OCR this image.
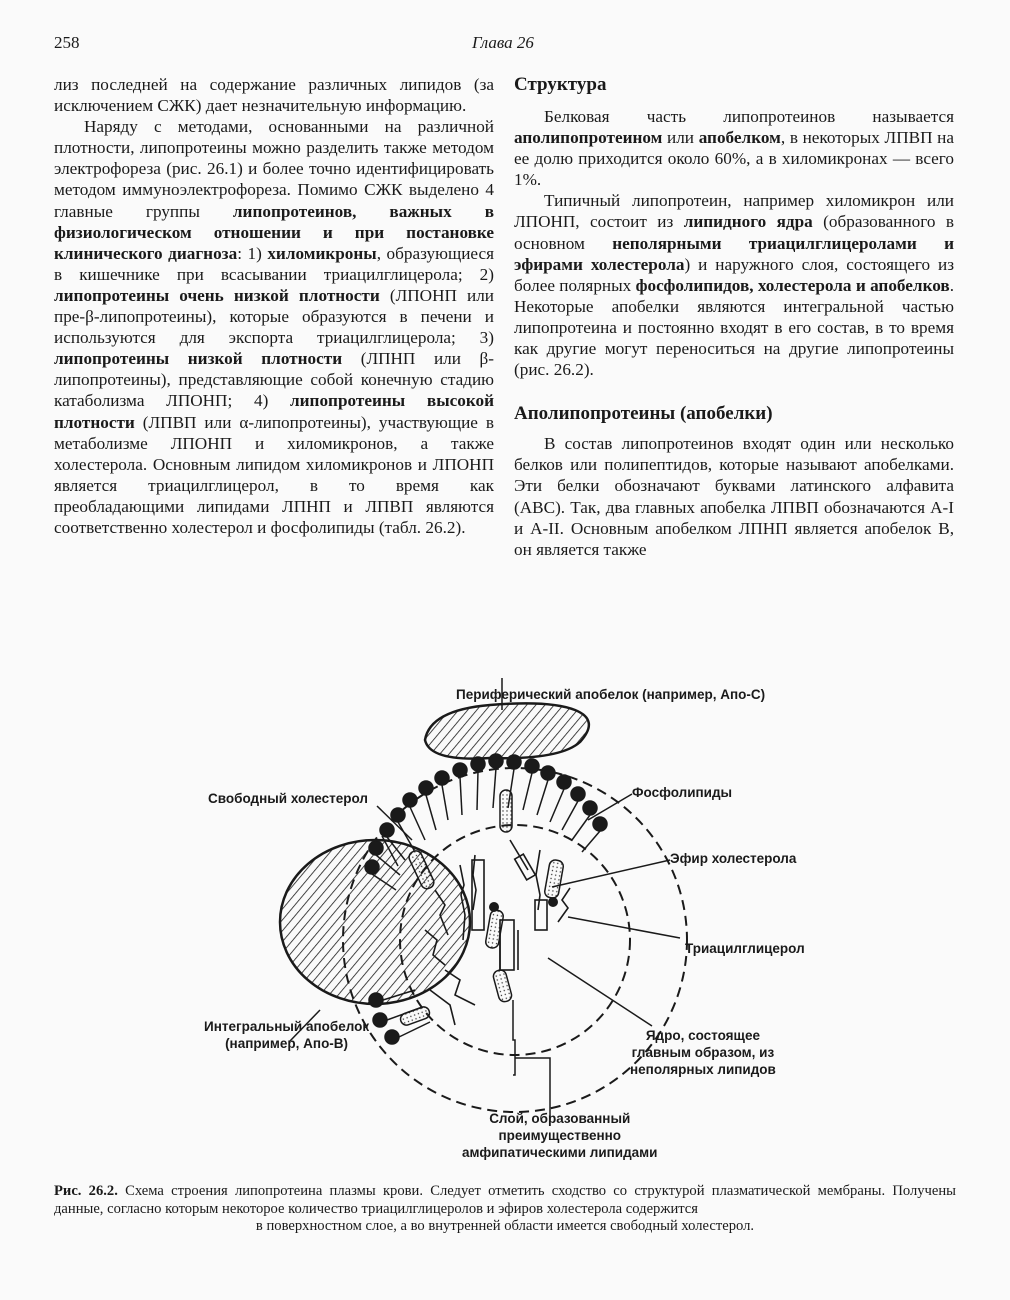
258	Глава 26

лиз последней на содержание различных липидов (за исключением СЖК) дает незначительную информацию.

Наряду с методами, основанными на различной плотности, липопротеины можно разделить также методом электрофореза (рис. 26.1) и более точно идентифицировать методом иммуноэлектрофореза. Помимо СЖК выделено 4 главные группы липопротеинов, важных в физиологическом отношении и при постановке клинического диагноза: 1) хиломикроны, образующиеся в кишечнике при всасывании триацилглицерола; 2) липопротеины очень низкой плотности (ЛПОНП или пре-β-липопротеины), которые образуются в печени и используются для экспорта триацилглицерола; 3) липопротеины низкой плотности (ЛПНП или β-липопротеины), представляющие собой конечную стадию катаболизма ЛПОНП; 4) липопротеины высокой плотности (ЛПВП или α-липопротеины), участвующие в метаболизме ЛПОНП и хиломикронов, а также холестерола. Основным липидом хиломикронов и ЛПОНП является триацилглицерол, в то время как преобладающими липидами ЛПНП и ЛПВП являются соответственно холестерол и фосфолипиды (табл. 26.2).

Структура

Белковая часть липопротеинов называется аполипопротеином или апобелком, в некоторых ЛПВП на ее долю приходится около 60%, а в хиломикронах — всего 1%.

Типичный липопротеин, например хиломикрон или ЛПОНП, состоит из липидного ядра (образованного в основном неполярными триацилглицеролами и эфирами холестерола) и наружного слоя, состоящего из более полярных фосфолипидов, холестерола и апобелков. Некоторые апобелки являются интегральной частью липопротеина и постоянно входят в его состав, в то время как другие могут переноситься на другие липопротеины (рис. 26.2).

Аполипопротеины (апобелки)

В состав липопротеинов входят один или несколько белков или полипептидов, которые называют апобелками. Эти белки обозначают буквами латинского алфавита (ABC). Так, два главных апобелка ЛПВП обозначаются A-I и A-II. Основным апобелком ЛПНП является апобелок B, он является также

Периферический апобелок (например, Апо-С)
Свободный холестерол	Фосфолипиды
Эфир холестерола
Триацилглицерол
Интегральный апобелок
(например, Апо-В)
Ядро, состоящее
главным образом, из
неполярных липидов
Слой, образованный
преимущественно
амфипатическими липидами
Рис. 26.2. Схема строения липопротеина плазмы крови. Следует отметить сходство со структурой плазматической мембраны. Получены данные, согласно которым некоторое количество триацилглицеролов и эфиров холестерола содержится
в поверхностном слое, а во внутренней области имеется свободный холестерол.
